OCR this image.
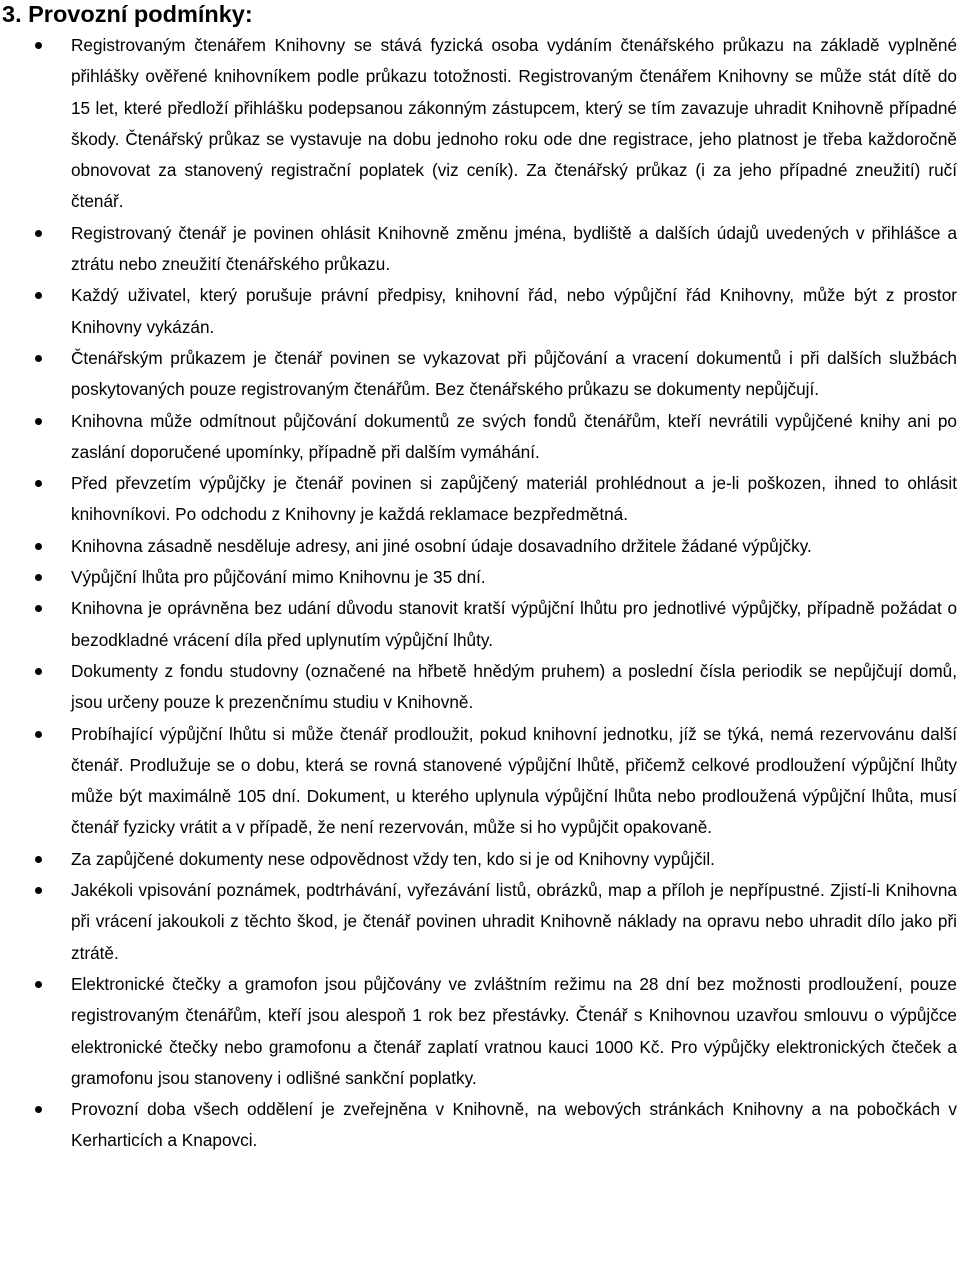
3. Provozní podmínky:
Registrovaným čtenářem Knihovny se stává fyzická osoba vydáním čtenářského průkazu na základě vyplněné přihlášky ověřené knihovníkem podle průkazu totožnosti. Registrovaným čtenářem Knihovny se může stát dítě do 15 let, které předloží přihlášku podepsanou zákonným zástupcem, který se tím zavazuje uhradit Knihovně případné škody. Čtenářský průkaz se vystavuje na dobu jednoho roku ode dne registrace, jeho platnost je třeba každoročně obnovovat za stanovený registrační poplatek (viz ceník). Za čtenářský průkaz (i za jeho případné zneužití) ručí čtenář.
Registrovaný čtenář je povinen ohlásit Knihovně změnu jména, bydliště a dalších údajů uvedených v přihlášce a ztrátu nebo zneužití čtenářského průkazu.
Každý uživatel, který porušuje právní předpisy, knihovní řád, nebo výpůjční řád Knihovny, může být z prostor Knihovny vykázán.
Čtenářským průkazem je čtenář povinen se vykazovat při půjčování a vracení dokumentů i při dalších službách poskytovaných pouze registrovaným čtenářům. Bez čtenářského průkazu se dokumenty nepůjčují.
Knihovna může odmítnout půjčování dokumentů ze svých fondů čtenářům, kteří nevrátili vypůjčené knihy ani po zaslání doporučené upomínky, případně při dalším vymáhání.
Před převzetím výpůjčky je čtenář povinen si zapůjčený materiál prohlédnout a je-li poškozen, ihned to ohlásit knihovníkovi. Po odchodu z Knihovny je každá reklamace bezpředmětná.
Knihovna zásadně nesděluje adresy, ani jiné osobní údaje dosavadního držitele žádané výpůjčky.
Výpůjční lhůta pro půjčování mimo Knihovnu je 35 dní.
Knihovna je oprávněna bez udání důvodu stanovit kratší výpůjční lhůtu pro jednotlivé výpůjčky, případně požádat o bezodkladné vrácení díla před uplynutím výpůjční lhůty.
Dokumenty z fondu studovny (označené na hřbetě hnědým pruhem) a poslední čísla periodik se nepůjčují domů, jsou určeny pouze k prezenčnímu studiu v Knihovně.
Probíhající výpůjční lhůtu si může čtenář prodloužit, pokud knihovní jednotku, jíž se týká, nemá rezervovánu další čtenář. Prodlužuje se o dobu, která se rovná stanovené výpůjční lhůtě, přičemž celkové prodloužení výpůjční lhůty může být maximálně 105 dní. Dokument, u kterého uplynula výpůjční lhůta nebo prodloužená výpůjční lhůta, musí čtenář fyzicky vrátit a v případě, že není rezervován, může si ho vypůjčit opakovaně.
Za zapůjčené dokumenty nese odpovědnost vždy ten, kdo si je od Knihovny vypůjčil.
Jakékoli vpisování poznámek, podtrhávání, vyřezávání listů, obrázků, map a příloh je nepřípustné. Zjistí-li Knihovna při vrácení jakoukoli z těchto škod, je čtenář povinen uhradit Knihovně náklady na opravu nebo uhradit dílo jako při ztrátě.
Elektronické čtečky a gramofon jsou půjčovány ve zvláštním režimu na 28 dní bez možnosti prodloužení, pouze registrovaným čtenářům, kteří jsou alespoň 1 rok bez přestávky. Čtenář s Knihovnou uzavřou smlouvu o výpůjčce elektronické čtečky nebo gramofonu a čtenář zaplatí vratnou kauci 1000 Kč. Pro výpůjčky elektronických čteček a gramofonu jsou stanoveny i odlišné sankční poplatky.
Provozní doba všech oddělení je zveřejněna v Knihovně, na webových stránkách Knihovny a na pobočkách v Kerharticích a Knapovci.
